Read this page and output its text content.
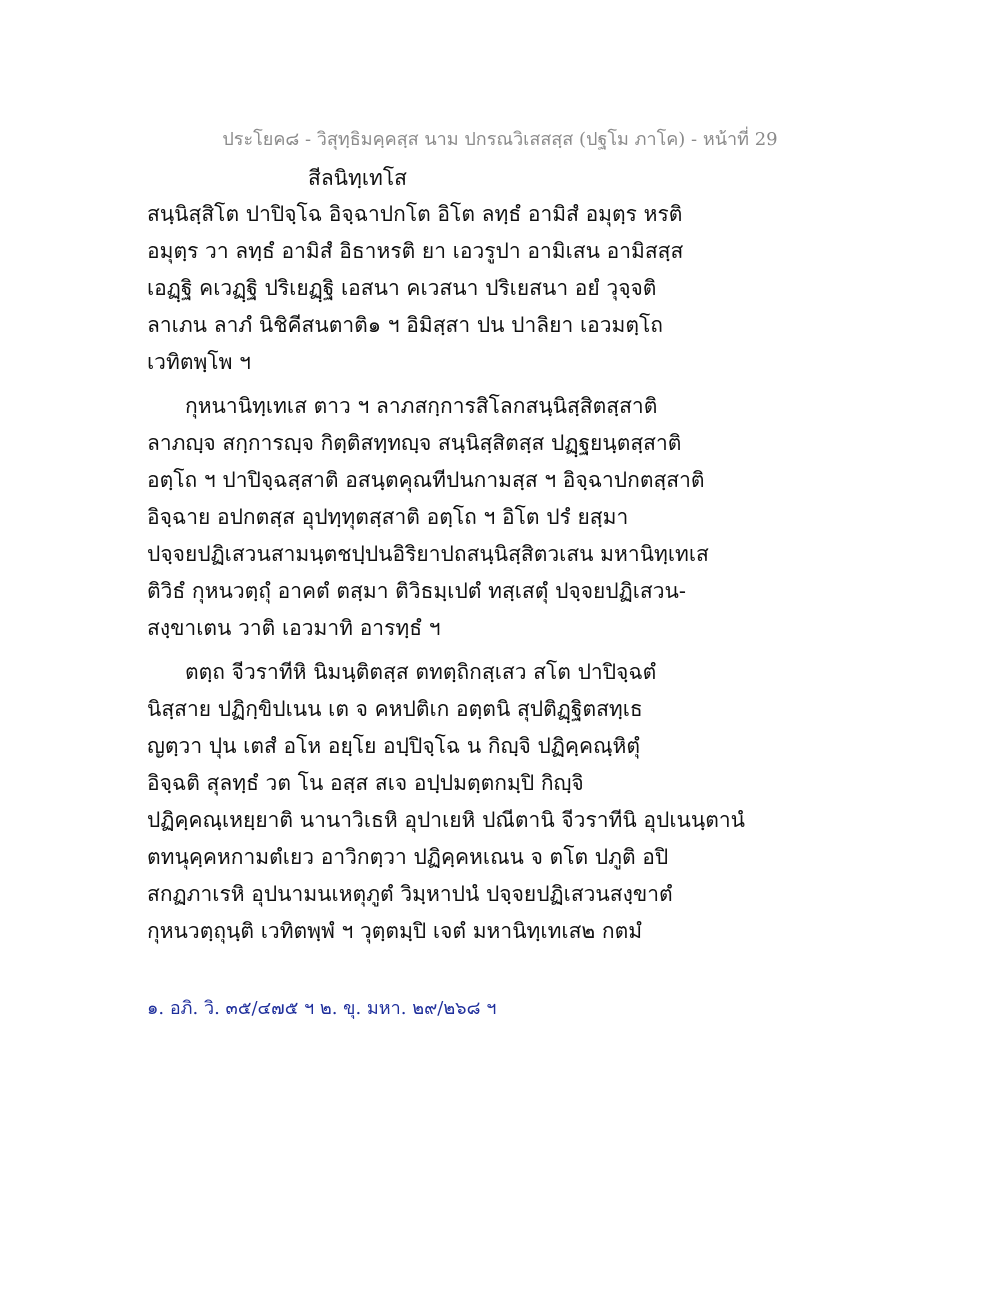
ประโยค๘ - วิสุทฺธิมคฺคสฺส นาม ปกรณวิเสสสฺส (ปฐโม ภาโค) - หน้าที่ 29
สีลนิทฺเทโส
สนฺนิสฺสิโต ปาปิจฺโฉ อิจฺฉาปกโต อิโต ลทฺธํ อามิสํ อมุตฺร หรติ
อมุตฺร วา ลทฺธํ อามิสํ อิธาหรติ ยา เอวรูปา อามิเสน อามิสสฺส
เอฏฺฐิ คเวฏฺฐิ ปริเยฏฺฐิ เอสนา คเวสนา ปริเยสนา อยํ วุจฺจติ
ลาเภน ลาภํ นิชิคีสนตาติ๑ ฯ อิมิสฺสา ปน ปาลิยา เอวมตฺโถ
เวทิตพฺโพ ฯ
กุหนานิทฺเทเส ตาว ฯ ลาภสกฺการสิโลกสนฺนิสฺสิตสฺสาติ
ลาภญฺจ สกฺการญฺจ กิตฺติสทฺทญฺจ สนฺนิสฺสิตสฺส ปฏฺฐยนฺตสฺสาติ
อตฺโถ ฯ ปาปิจฺฉสฺสาติ อสนฺตคุณทีปนกามสฺส ฯ อิจฺฉาปกตสฺสาติ
อิจฺฉาย อปกตสฺส อุปทฺทุตสฺสาติ อตฺโถ ฯ อิโต ปรํ ยสฺมา
ปจฺจยปฏิเสวนสามนฺตชปฺปนอิริยาปถสนฺนิสฺสิตวเสน มหานิทฺเทเส
ติวิธํ กุหนวตฺถุํ อาคตํ ตสฺมา ติวิธมฺเปตํ ทสฺเสตุํ ปจฺจยปฏิเสวน-
สงฺขาเตน วาติ เอวมาทิ อารทฺธํ ฯ
ตตฺถ จีวราทีหิ นิมนฺติตสฺส ตทตฺถิกสฺเสว สโต ปาปิจฺฉตํ
นิสฺสาย ปฏิกฺขิปเนน เต จ คหปติเก อตฺตนิ สุปติฏฺฐิตสทฺเธ
ญตฺวา ปุน เตสํ อโห อยฺโย อปฺปิจฺโฉ น กิญฺจิ ปฏิคฺคณฺหิตุํ
อิจฺฉติ สุลทฺธํ วต โน อสฺส สเจ อปฺปมตฺตกมฺปิ กิญฺจิ
ปฏิคฺคณฺเหยฺยาติ นานาวิเธหิ อุปาเยหิ ปณีตานิ จีวราทีนิ อุปเนนฺตานํ
ตทนุคฺคหกามตํเยว อาวิกตฺวา ปฏิคฺคหเณน จ ตโต ปภูติ อปิ
สกฏภาเรหิ อุปนามนเหตุภูตํ วิมฺหาปนํ ปจฺจยปฏิเสวนสงฺขาตํ
กุหนวตฺถุนฺติ เวทิตพฺพํ ฯ วุตฺตมฺปิ เจตํ มหานิทฺเทเส๒ กตมํ
๑. อภิ. วิ. ๓๕/๔๗๕ ฯ ๒. ขุ. มหา. ๒๙/๒๖๘ ฯ
